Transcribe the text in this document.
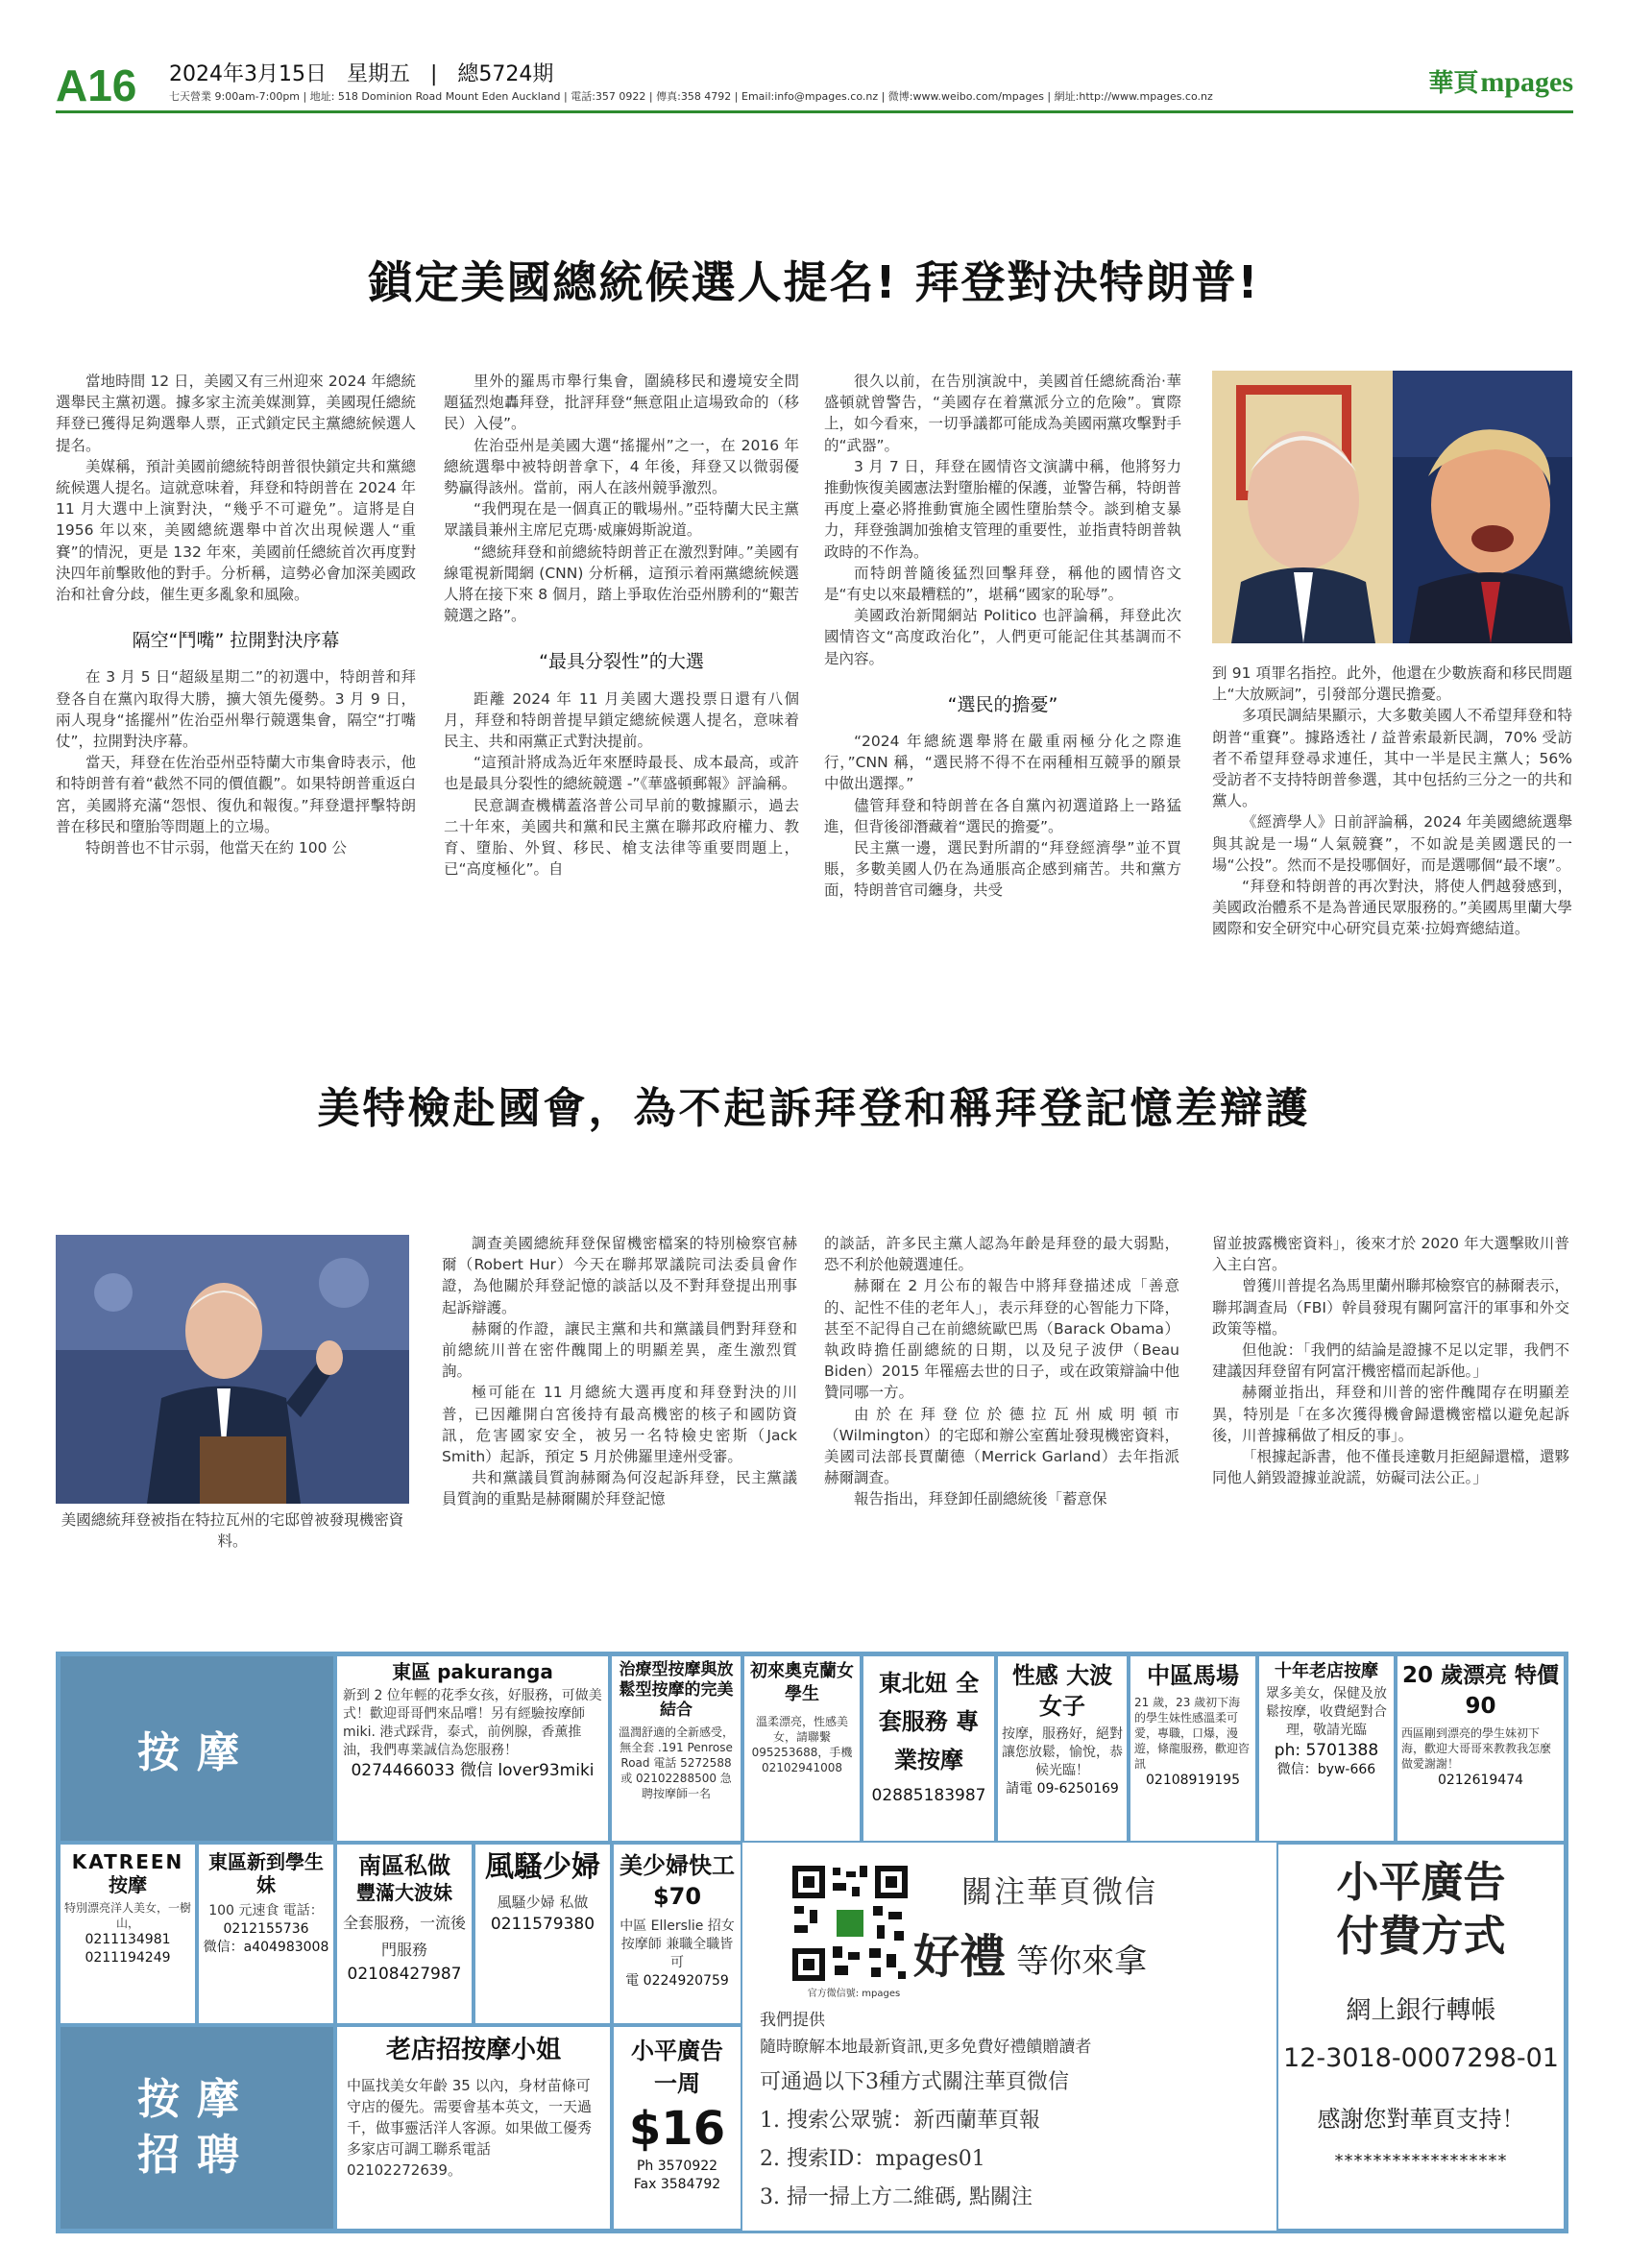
A16 2024年3月15日 星期五 | 總5724期
七天營業 9:00am-7:00pm | 地址: 518 Dominion Road Mount Eden Auckland | 電話:357 0922 | 傳真:358 4792 | Email:info@mpages.co.nz | 微博:www.weibo.com/mpages | 網址:http://www.mpages.co.nz	華頁mpages
鎖定美國總統候選人提名! 拜登對決特朗普!

當地時間 12 日，美國又有三州迎來 2024 年總統選舉民主黨初選。據多家主流美媒測算，美國現任總統拜登已獲得足夠選舉人票，正式鎖定民主黨總統候選人提名。

美媒稱，預計美國前總統特朗普很快鎖定共和黨總統候選人提名。這就意味着，拜登和特朗普在 2024 年 11 月大選中上演對決，“幾乎不可避免”。這將是自 1956 年以來，美國總統選舉中首次出現候選人“重賽”的情況，更是 132 年來，美國前任總統首次再度對決四年前擊敗他的對手。分析稱，這勢必會加深美國政治和社會分歧，催生更多亂象和風險。

隔空“鬥嘴” 拉開對決序幕

在 3 月 5 日“超級星期二”的初選中，特朗普和拜登各自在黨內取得大勝，擴大領先優勢。3 月 9 日，兩人現身“搖擺州”佐治亞州舉行競選集會，隔空“打嘴仗”，拉開對決序幕。

當天，拜登在佐治亞州亞特蘭大市集會時表示，他和特朗普有着“截然不同的價值觀”。如果特朗普重返白宮，美國將充滿“怨恨、復仇和報復。”拜登還抨擊特朗普在移民和墮胎等問題上的立場。

特朗普也不甘示弱，他當天在約 100 公

里外的羅馬市舉行集會，圍繞移民和邊境安全問題猛烈炮轟拜登，批評拜登“無意阻止這場致命的（移民）入侵”。

佐治亞州是美國大選“搖擺州”之一，在 2016 年總統選舉中被特朗普拿下，4 年後，拜登又以微弱優勢贏得該州。當前，兩人在該州競爭激烈。

“我們現在是一個真正的戰場州。”亞特蘭大民主黨眾議員兼州主席尼克瑪·威廉姆斯說道。

“總統拜登和前總統特朗普正在激烈對陣。”美國有線電視新聞網 (CNN) 分析稱，這預示着兩黨總統候選人將在接下來 8 個月，踏上爭取佐治亞州勝利的“艱苦競選之路”。

“最具分裂性”的大選

距離 2024 年 11 月美國大選投票日還有八個月，拜登和特朗普提早鎖定總統候選人提名，意味着民主、共和兩黨正式對決提前。

“這預計將成為近年來歷時最長、成本最高，或許也是最具分裂性的總統競選 -”《華盛頓郵報》評論稱。

民意調查機構蓋洛普公司早前的數據顯示，過去二十年來，美國共和黨和民主黨在聯邦政府權力、教育、墮胎、外貿、移民、槍支法律等重要問題上，已“高度極化”。自

很久以前，在告別演說中，美國首任總統喬治·華盛頓就曾警告，“美國存在着黨派分立的危險”。實際上，如今看來，一切爭議都可能成為美國兩黨攻擊對手的“武器”。

3 月 7 日，拜登在國情咨文演講中稱，他將努力推動恢復美國憲法對墮胎權的保護，並警告稱，特朗普再度上臺必將推動實施全國性墮胎禁令。談到槍支暴力，拜登強調加強槍支管理的重要性，並指責特朗普執政時的不作為。

而特朗普隨後猛烈回擊拜登，稱他的國情咨文是“有史以來最糟糕的”，堪稱“國家的恥辱”。

美國政治新聞網站 Politico 也評論稱，拜登此次國情咨文“高度政治化”，人們更可能記住其基調而不是內容。

“選民的擔憂”

“2024 年總統選舉將在嚴重兩極分化之際進行，”CNN 稱，“選民將不得不在兩種相互競爭的願景中做出選擇。”

儘管拜登和特朗普在各自黨內初選道路上一路猛進，但背後卻潛藏着“選民的擔憂”。

民主黨一邊，選民對所謂的“拜登經濟學”並不買賬，多數美國人仍在為通脹高企感到痛苦。共和黨方面，特朗普官司纏身，共受

到 91 項罪名指控。此外，他還在少數族裔和移民問題上“大放厥詞”，引發部分選民擔憂。

多項民調結果顯示，大多數美國人不希望拜登和特朗普“重賽”。據路透社 / 益普索最新民調，70% 受訪者不希望拜登尋求連任，其中一半是民主黨人；56% 受訪者不支持特朗普參選，其中包括約三分之一的共和黨人。

《經濟學人》日前評論稱，2024 年美國總統選舉與其說是一場“人氣競賽”，不如說是美國選民的一場“公投”。然而不是投哪個好，而是選哪個“最不壞”。

“拜登和特朗普的再次對決，將使人們越發感到，美國政治體系不是為普通民眾服務的。”美國馬里蘭大學國際和安全研究中心研究員克萊·拉姆齊總結道。

美特檢赴國會，為不起訴拜登和稱拜登記憶差辯護
美國總統拜登被指在特拉瓦州的宅邸曾被發現機密資料。

調查美國總統拜登保留機密檔案的特別檢察官赫爾（Robert Hur）今天在聯邦眾議院司法委員會作證，為他關於拜登記憶的談話以及不對拜登提出刑事起訴辯護。

赫爾的作證，讓民主黨和共和黨議員們對拜登和前總統川普在密件醜聞上的明顯差異，產生激烈質詢。

極可能在 11 月總統大選再度和拜登對決的川普，已因離開白宮後持有最高機密的核子和國防資訊，危害國家安全，被另一名特檢史密斯（Jack Smith）起訴，預定 5 月於佛羅里達州受審。

共和黨議員質詢赫爾為何沒起訴拜登，民主黨議員質詢的重點是赫爾關於拜登記憶

的談話，許多民主黨人認為年齡是拜登的最大弱點，恐不利於他競選連任。

赫爾在 2 月公布的報告中將拜登描述成「善意的、記性不佳的老年人」，表示拜登的心智能力下降，甚至不記得自己在前總統歐巴馬（Barack Obama）執政時擔任副總統的日期，以及兒子波伊（Beau Biden）2015 年罹癌去世的日子，或在政策辯論中他贊同哪一方。

由於在拜登位於德拉瓦州威明頓市（Wilmington）的宅邸和辦公室舊址發現機密資料，美國司法部長賈蘭德（Merrick Garland）去年指派赫爾調查。

報告指出，拜登卸任副總統後「蓄意保

留並披露機密資料」，後來才於 2020 年大選擊敗川普入主白宮。

曾獲川普提名為馬里蘭州聯邦檢察官的赫爾表示，聯邦調查局（FBI）幹員發現有關阿富汗的軍事和外交政策等檔。

但他說：「我們的結論是證據不足以定罪，我們不建議因拜登留有阿富汗機密檔而起訴他。」

赫爾並指出，拜登和川普的密件醜聞存在明顯差異，特別是「在多次獲得機會歸還機密檔以避免起訴後，川普據稱做了相反的事」。

「根據起訴書，他不僅長達數月拒絕歸還檔，還夥同他人銷毀證據並說謊，妨礙司法公正。」

按摩
東區 pakuranga
新到 2 位年輕的花季女孩，好服務，可做美式！歡迎哥哥們來品嚐！另有經驗按摩師 miki. 港式踩背，泰式，前例腺，香薰推油，我們專業誠信為您服務！
0274466033 微信 lover93miki
治療型按摩與放鬆型按摩的完美結合
溫潤舒適的全新感受，無全套 .191 Penrose Road 電話 5272588 或 02102288500 急聘按摩師一名
初來奧克蘭女學生
溫柔漂亮，性感美女，請聯繫 095253688，手機 02102941008
東北妞 全套服務 專業按摩
02885183987
性感 大波女子
按摩，服務好，絕對讓您放鬆，愉悅，恭候光臨！
請電 09-6250169
中區馬場
21 歲，23 歲初下海的學生妹性感溫柔可愛，專職，口爆，漫遊，條龍服務，歡迎咨訊
02108919195
十年老店按摩
眾多美女，保健及放鬆按摩，收費絕對合理，敬請光臨
ph: 5701388
微信：byw-666
20 歲漂亮 特價 90
西區剛到漂亮的學生妹初下海，歡迎大哥哥來教教我怎麼做愛謝謝！
0212619474
KATREEN
按摩
特別漂亮洋人美女，一樹山，
0211134981
0211194249
東區新到學生妹
100 元速食 電話：
0212155736
微信：a404983008
南區私做
豐滿大波妹
全套服務，一流後門服務
02108427987
風騷少婦
風騷少婦 私做
0211579380
美少婦快工 $70
中區 Ellerslie 招女按摩師 兼職全職皆可
電 0224920759
官方微信號: mpages
關注華頁微信
好禮 等你來拿
我們提供
隨時瞭解本地最新資訊,更多免費好禮饋贈讀者
可通過以下3種方式關注華頁微信
1. 搜索公眾號：新西蘭華頁報
2. 搜索ID：mpages01
3. 掃一掃上方二維碼, 點關注
小平廣告
付費方式
網上銀行轉帳
12-3018-0007298-01
感謝您對華頁支持！
******************
按摩
招聘
老店招按摩小姐
中區找美女年齡 35 以內，身材苗條可守店的優先。需要會基本英文，一天過千，做事靈活洋人客源。如果做工優秀多家店可調工聯系電話 02102272639。
小平廣告 一周
$16
Ph 3570922
Fax 3584792
